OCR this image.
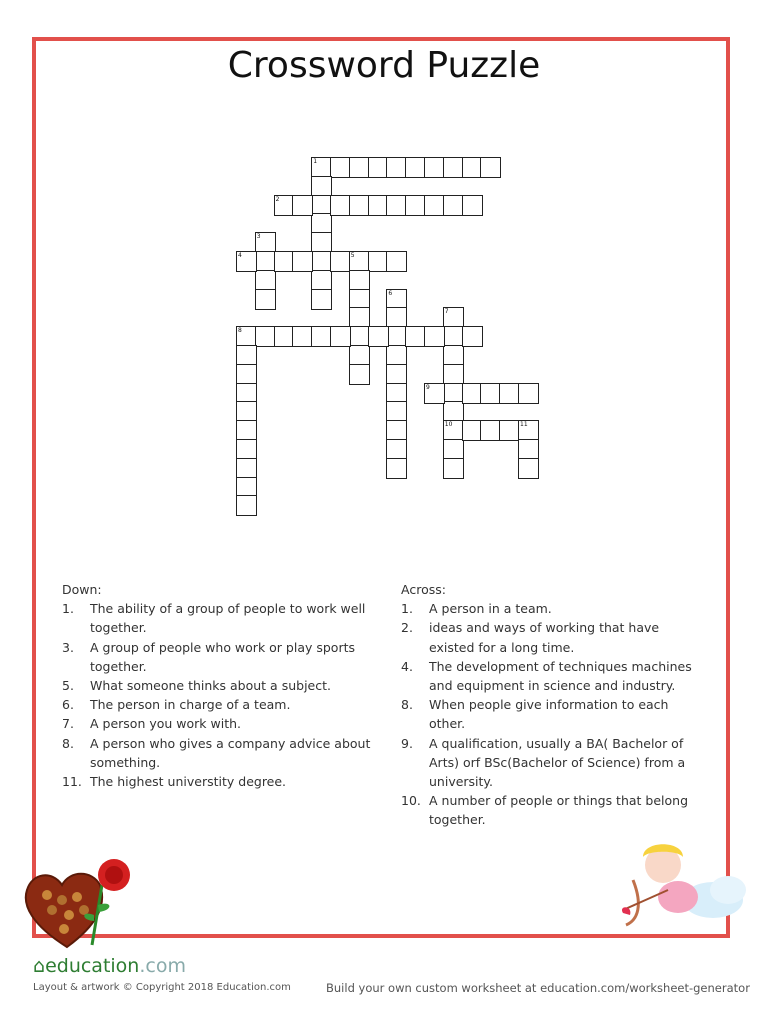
Crossword Puzzle
1
2
3
4	5
6
7
10
8
9
11
Down:
1. The ability of a group of people to work well together.
3. A group of people who work or play sports together.
5. What someone thinks about a subject.
6. The person in charge of a team.
7. A person you work with.
8. A person who gives a company advice about something.
11. The highest universtity degree.
Across:
1. A person in a team.
2. ideas and ways of working that have existed for a long time.
4. The development of techniques machines and equipment in science and industry.
8. When people give information to each other.
9. A qualification, usually a BA( Bachelor of Arts) orf BSc(Bachelor of Science) from a university.
10. A number of people or things that belong together.
⌂education.com
Layout & artwork © Copyright 2018 Education.com	Build your own custom worksheet at education.com/worksheet-generator
